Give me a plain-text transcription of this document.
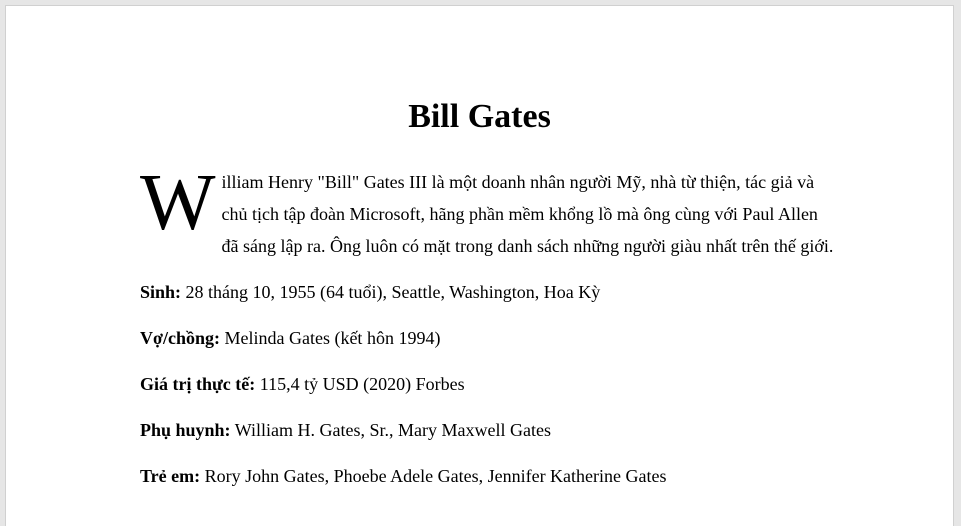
Bill Gates

W illiam Henry "Bill" Gates III là một doanh nhân người Mỹ, nhà từ thiện, tác giả và
chủ tịch tập đoàn Microsoft, hãng phần mềm khổng lồ mà ông cùng với Paul Allen
đã sáng lập ra. Ông luôn có mặt trong danh sách những người giàu nhất trên thế giới.

Sinh: 28 tháng 10, 1955 (64 tuổi), Seattle, Washington, Hoa Kỳ

Vợ/chồng: Melinda Gates (kết hôn 1994)

Giá trị thực tế: 115,4 tỷ USD (2020) Forbes

Phụ huynh: William H. Gates, Sr., Mary Maxwell Gates

Trẻ em: Rory John Gates, Phoebe Adele Gates, Jennifer Katherine Gates
